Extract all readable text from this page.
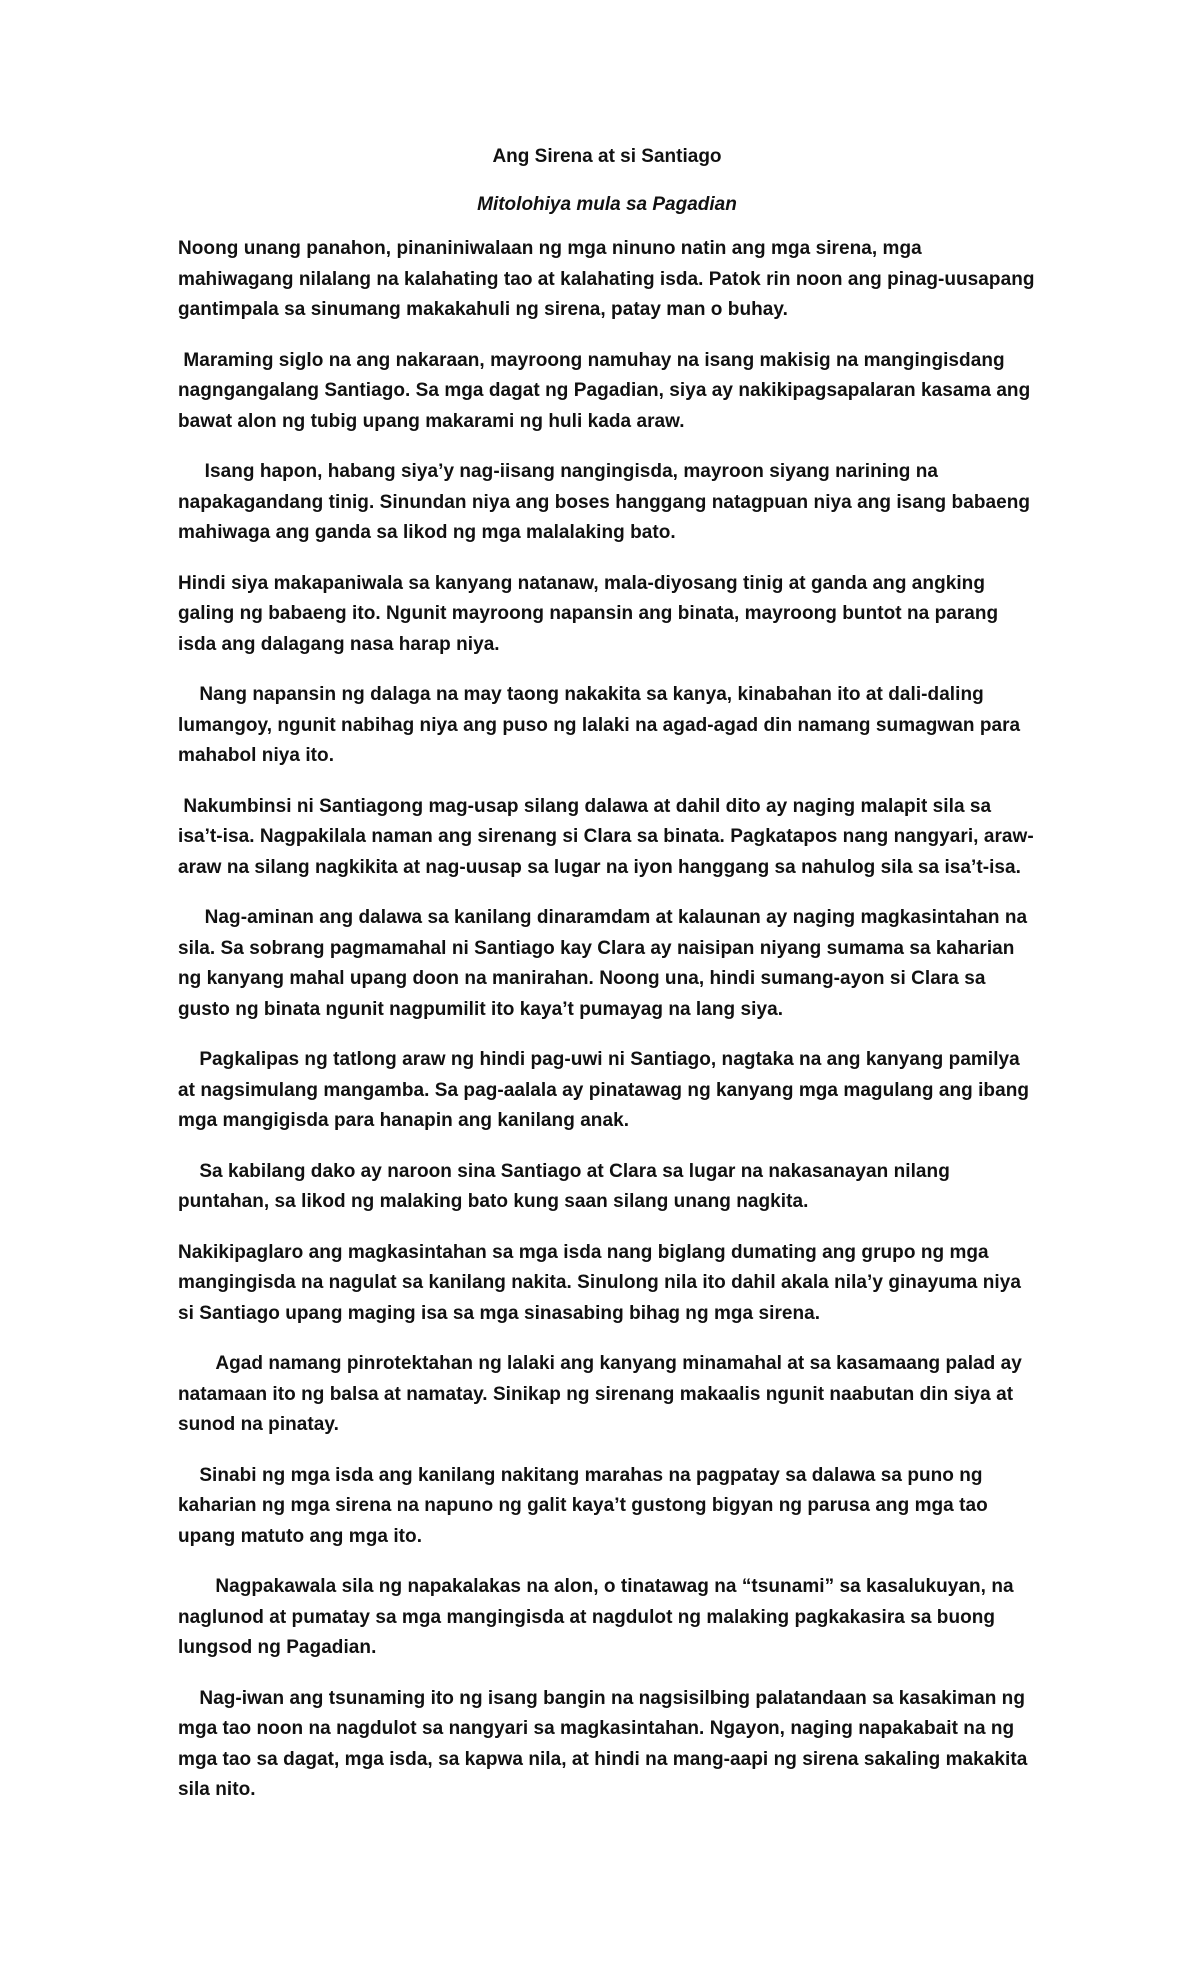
Ang Sirena at si Santiago
Mitolohiya mula sa Pagadian

Noong unang panahon, pinaniniwalaan ng mga ninuno natin ang mga sirena, mga mahiwagang nilalang na kalahating tao at kalahating isda. Patok rin noon ang pinag-uusapang gantimpala sa sinumang makakahuli ng sirena, patay man o buhay.

Maraming siglo na ang nakaraan, mayroong namuhay na isang makisig na mangingisdang nagngangalang Santiago. Sa mga dagat ng Pagadian, siya ay nakikipagsapalaran kasama ang bawat alon ng tubig upang makarami ng huli kada araw.

Isang hapon, habang siya’y nag-iisang nangingisda, mayroon siyang narining na napakagandang tinig. Sinundan niya ang boses hanggang natagpuan niya ang isang babaeng mahiwaga ang ganda sa likod ng mga malalaking bato.

Hindi siya makapaniwala sa kanyang natanaw, mala-diyosang tinig at ganda ang angking galing ng babaeng ito. Ngunit mayroong napansin ang binata, mayroong buntot na parang isda ang dalagang nasa harap niya.

Nang napansin ng dalaga na may taong nakakita sa kanya, kinabahan ito at dali-daling lumangoy, ngunit nabihag niya ang puso ng lalaki na agad-agad din namang sumagwan para mahabol niya ito.

Nakumbinsi ni Santiagong mag-usap silang dalawa at dahil dito ay naging malapit sila sa isa’t-isa. Nagpakilala naman ang sirenang si Clara sa binata. Pagkatapos nang nangyari, araw-araw na silang nagkikita at nag-uusap sa lugar na iyon hanggang sa nahulog sila sa isa’t-isa.

Nag-aminan ang dalawa sa kanilang dinaramdam at kalaunan ay naging magkasintahan na sila. Sa sobrang pagmamahal ni Santiago kay Clara ay naisipan niyang sumama sa kaharian ng kanyang mahal upang doon na manirahan. Noong una, hindi sumang-ayon si Clara sa gusto ng binata ngunit nagpumilit ito kaya’t pumayag na lang siya.

Pagkalipas ng tatlong araw ng hindi pag-uwi ni Santiago, nagtaka na ang kanyang pamilya at nagsimulang mangamba. Sa pag-aalala ay pinatawag ng kanyang mga magulang ang ibang mga mangigisda para hanapin ang kanilang anak.

Sa kabilang dako ay naroon sina Santiago at Clara sa lugar na nakasanayan nilang puntahan, sa likod ng malaking bato kung saan silang unang nagkita.

Nakikipaglaro ang magkasintahan sa mga isda nang biglang dumating ang grupo ng mga mangingisda na nagulat sa kanilang nakita. Sinulong nila ito dahil akala nila’y ginayuma niya si Santiago upang maging isa sa mga sinasabing bihag ng mga sirena.

Agad namang pinrotektahan ng lalaki ang kanyang minamahal at sa kasamaang palad ay natamaan ito ng balsa at namatay. Sinikap ng sirenang makaalis ngunit naabutan din siya at sunod na pinatay.

Sinabi ng mga isda ang kanilang nakitang marahas na pagpatay sa dalawa sa puno ng kaharian ng mga sirena na napuno ng galit kaya’t gustong bigyan ng parusa ang mga tao upang matuto ang mga ito.

Nagpakawala sila ng napakalakas na alon, o tinatawag na “tsunami” sa kasalukuyan, na naglunod at pumatay sa mga mangingisda at nagdulot ng malaking pagkakasira sa buong lungsod ng Pagadian.

Nag-iwan ang tsunaming ito ng isang bangin na nagsisilbing palatandaan sa kasakiman ng mga tao noon na nagdulot sa nangyari sa magkasintahan. Ngayon, naging napakabait na ng mga tao sa dagat, mga isda, sa kapwa nila, at hindi na mang-aapi ng sirena sakaling makakita sila nito.
